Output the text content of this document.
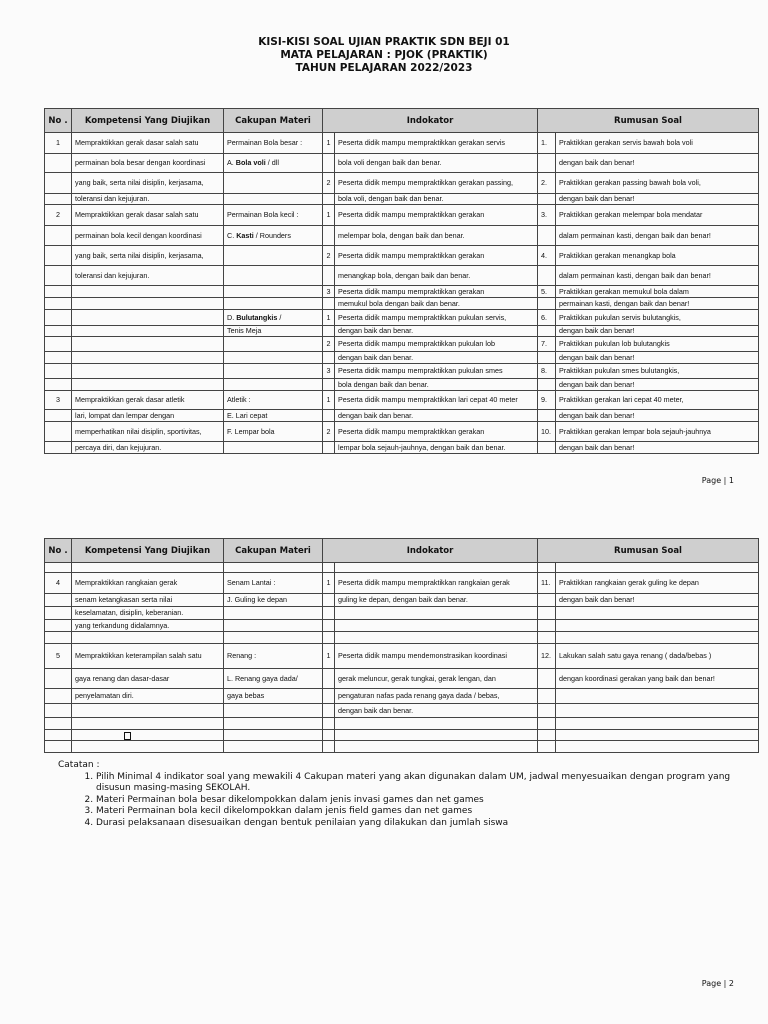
KISI-KISI SOAL UJIAN PRAKTIK SDN BEJI 01
MATA PELAJARAN : PJOK (PRAKTIK)
TAHUN PELAJARAN 2022/2023
No .	Kompetensi Yang Diujikan	Cakupan Materi	Indokator		Rumusan Soal	
1	Mempraktikkan gerak dasar salah satu	Permainan Bola besar :	1	Peserta didik mampu mempraktikkan gerakan servis	1.	Praktikkan gerakan servis bawah bola voli
	permainan bola besar dengan koordinasi	A. Bola voli / dll		bola voli dengan baik dan benar.		dengan baik dan benar!
	yang baik, serta nilai disiplin, kerjasama,		2	Peserta didik mempu mempraktikkan gerakan passing,	2.	Praktikkan gerakan passing bawah bola voli,
	toleransi dan kejujuran.			bola voli, dengan baik dan benar.		dengan baik dan benar!
2	Mempraktikkan gerak dasar salah satu	Permainan Bola kecil :	1	Peserta didik mampu mempraktikkan gerakan	3.	Praktikkan gerakan melempar bola mendatar
	permainan bola kecil dengan koordinasi	C. Kasti / Rounders		melempar bola, dengan baik dan benar.		dalam permainan kasti, dengan baik dan benar!
	yang baik, serta nilai disiplin, kerjasama,		2	Peserta didik mampu mempraktikkan gerakan	4.	Praktikkan gerakan menangkap bola
	toleransi dan kejujuran.			menangkap bola, dengan baik dan benar.		dalam permainan kasti, dengan baik dan benar!
			3	Peserta didik mampu mempraktikkan gerakan	5.	Praktikkan gerakan memukul bola dalam
				memukul bola dengan baik dan benar.		permainan kasti, dengan baik dan benar!
		D. Bulutangkis /	1	Peserta didik mampu mempraktikkan pukulan servis,	6.	Praktikkan pukulan servis bulutangkis,
		Tenis Meja		dengan baik dan benar.		dengan baik dan benar!
			2	Peserta didik mampu mempraktikkan pukulan lob	7.	Praktikkan pukulan lob bulutangkis
				dengan baik dan benar.		dengan baik dan benar!
			3	Peserta didik mampu mempraktikkan pukulan smes	8.	Praktikkan pukulan smes bulutangkis,
				bola dengan baik dan benar.		dengan baik dan benar!
3	Mempraktikkan gerak dasar atletik	Atletik :	1	Peserta didik mampu mempraktikkan lari cepat 40 meter	9.	Praktikkan gerakan lari cepat 40 meter,
	lari, lompat dan lempar dengan	E. Lari cepat		dengan baik dan benar.		dengan baik dan benar!
	memperhatikan nilai disiplin, sportivitas,	F. Lempar bola	2	Peserta didik mampu mempraktikkan gerakan	10.	Praktikkan gerakan lempar bola sejauh-jauhnya
	percaya diri, dan kejujuran.			lempar bola sejauh-jauhnya, dengan baik dan benar.		dengan baik dan benar!
Page | 1
No .	Kompetensi Yang Diujikan	Cakupan Materi	Indokator		Rumusan Soal	

4	Mempraktikkan rangkaian gerak	Senam Lantai :	1	Peserta didik mampu mempraktikkan rangkaian gerak	11.	Praktikkan rangkaian gerak guling ke depan
	senam ketangkasan serta nilai	J. Guling ke depan		guling ke depan, dengan baik dan benar.		dengan baik dan benar!
	keselamatan, disiplin, keberanian.					
	yang terkandung didalamnya.					

5	Mempraktikkan keterampilan salah satu	Renang :	1	Peserta didik mampu mendemonstrasikan koordinasi	12.	Lakukan salah satu gaya renang ( dada/bebas )
	gaya renang dan dasar-dasar	L. Renang gaya dada/		gerak meluncur, gerak tungkai, gerak lengan, dan		dengan koordinasi gerakan yang baik dan benar!
	penyelamatan diri.	gaya bebas		pengaturan nafas pada renang gaya dada / bebas,		
				dengan baik dan benar.		

Catatan :
1. Pilih Minimal 4 indikator soal yang mewakili 4 Cakupan materi yang akan digunakan dalam UM, jadwal menyesuaikan dengan program yang disusun masing-masing SEKOLAH.
2. Materi Permainan bola besar dikelompokkan dalam jenis invasi games dan net games
3. Materi Permainan bola kecil dikelompokkan dalam jenis field games dan net games
4. Durasi pelaksanaan disesuaikan dengan bentuk penilaian yang dilakukan dan jumlah siswa
Page | 2
